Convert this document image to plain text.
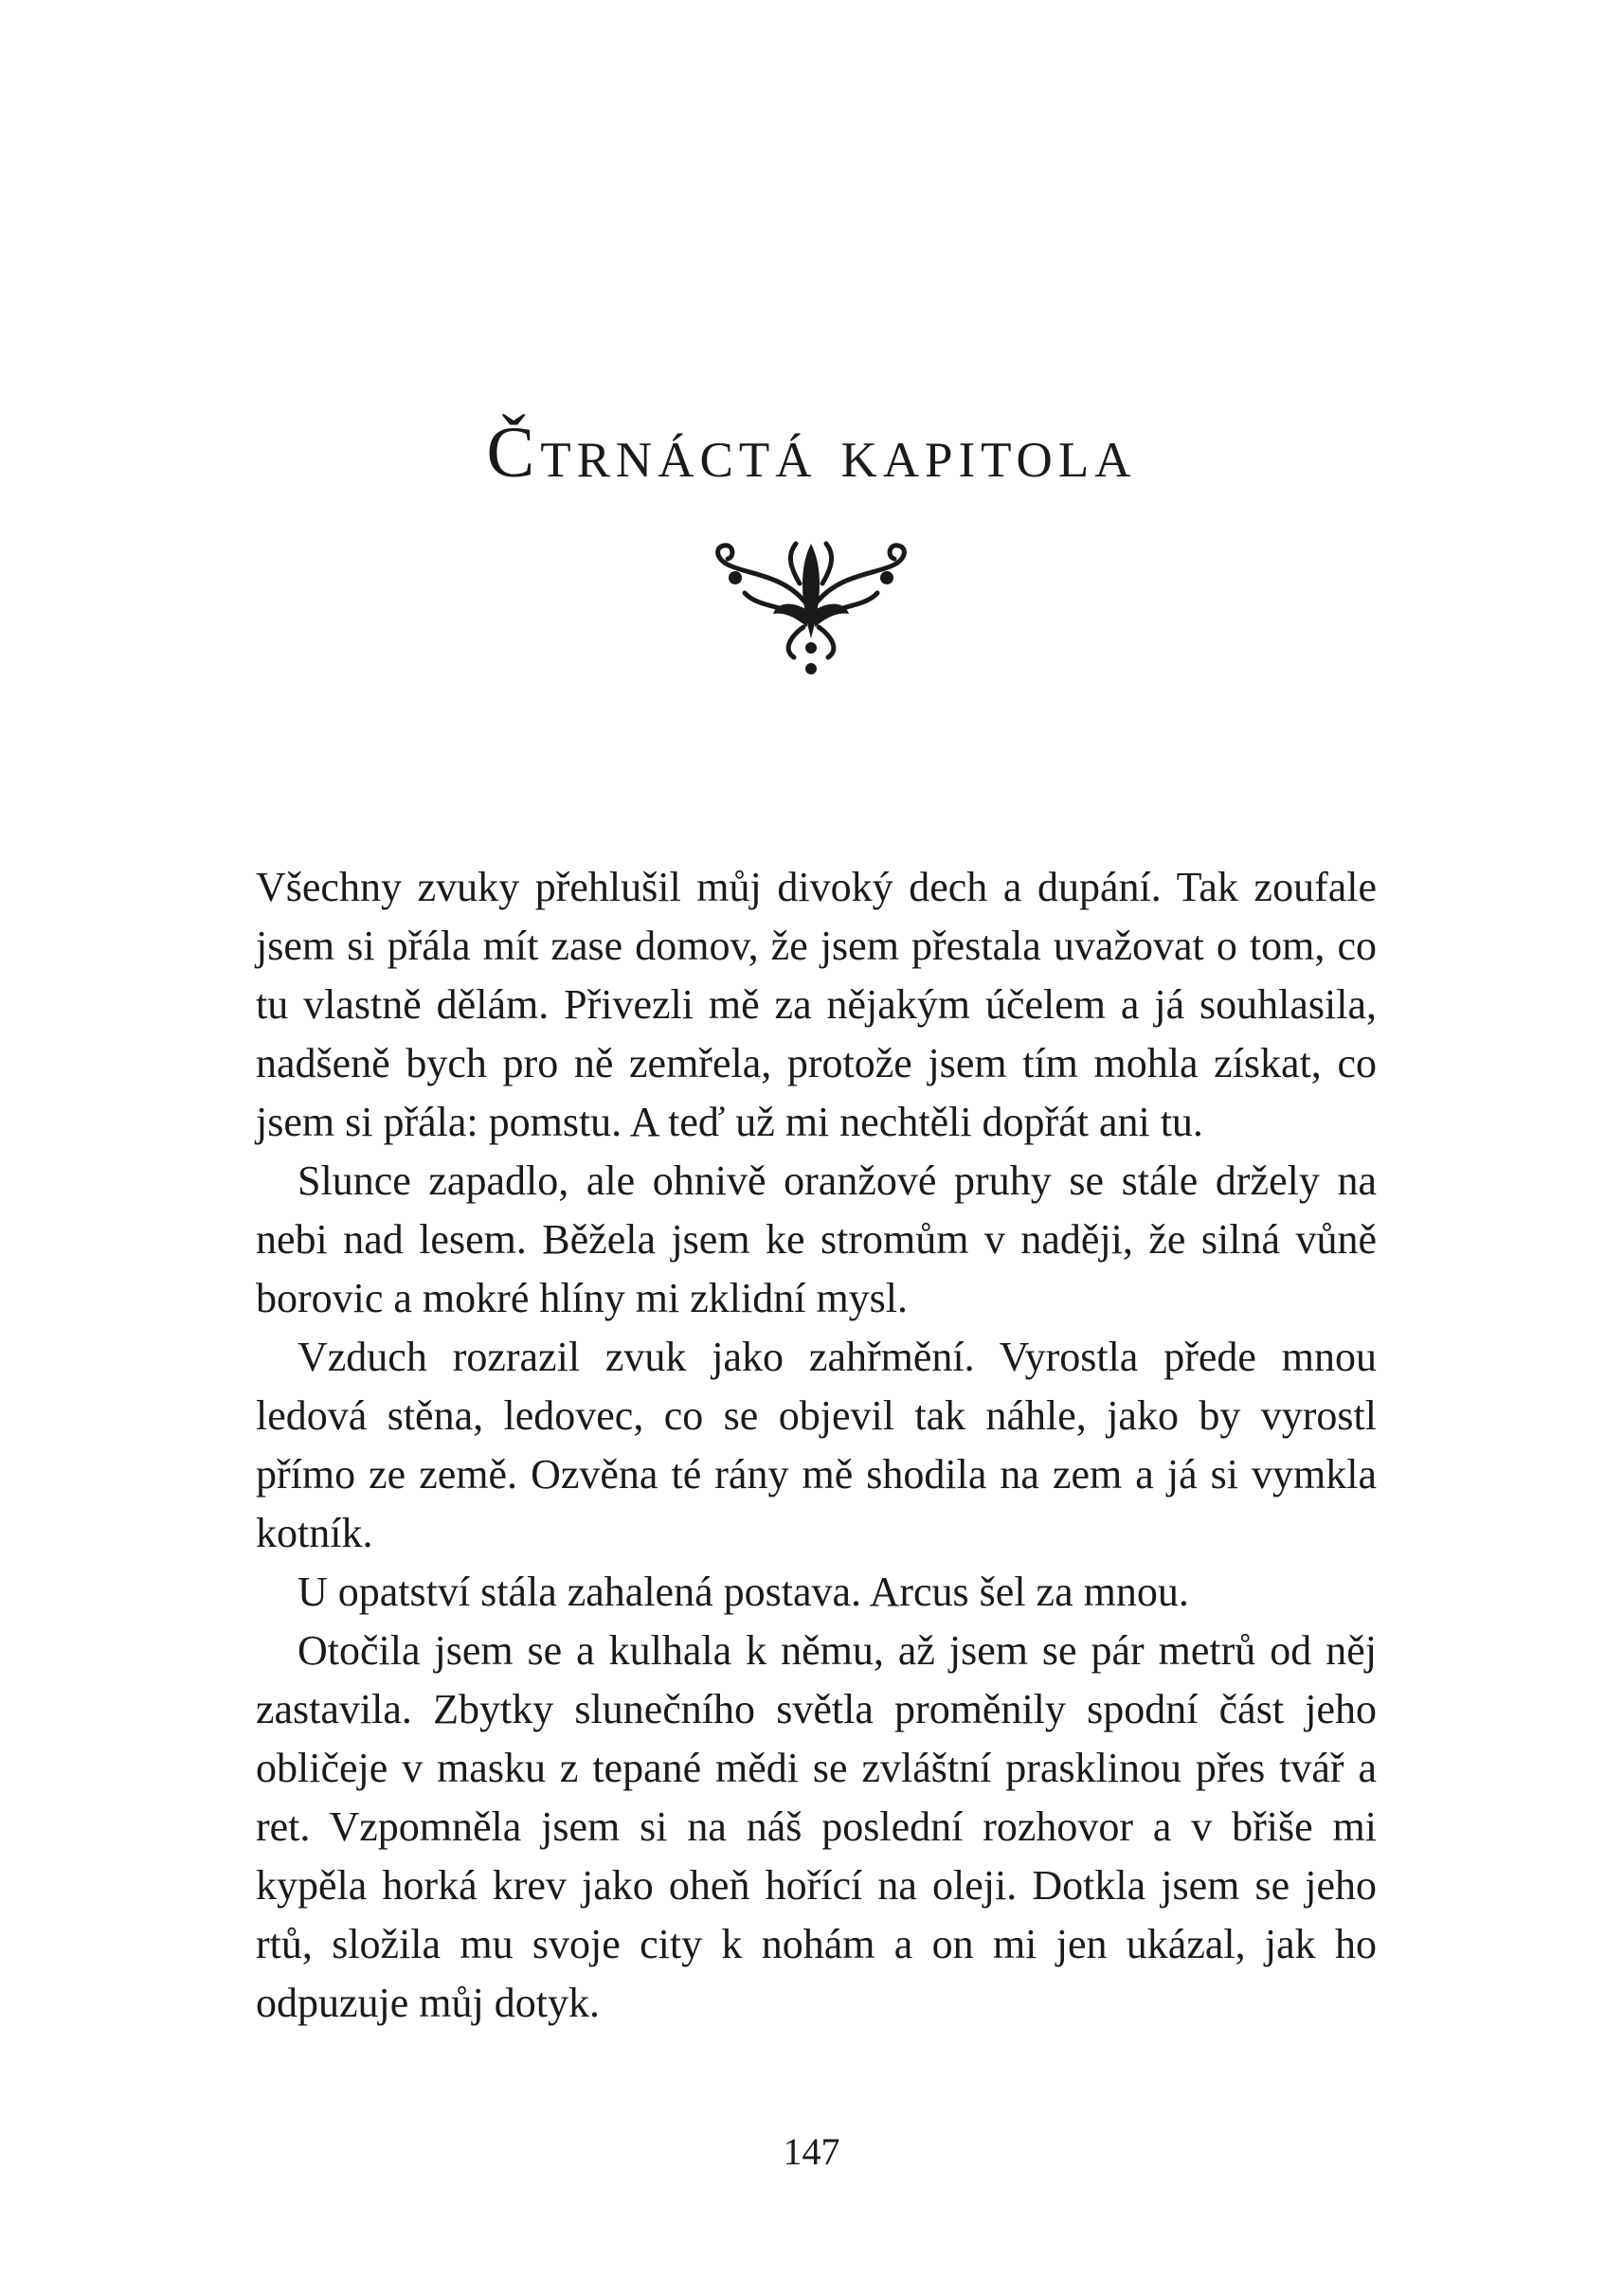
Čtrnáctá kapitola

Všechny zvuky přehlušil můj divoký dech a dupání. Tak zoufale jsem si přála mít zase domov, že jsem přestala uvažovat o tom, co tu vlastně dělám. Přivezli mě za nějakým účelem a já souhlasila, nadšeně bych pro ně zemřela, protože jsem tím mohla získat, co jsem si přála: pomstu. A teď už mi nechtěli dopřát ani tu.

Slunce zapadlo, ale ohnivě oranžové pruhy se stále držely na nebi nad lesem. Běžela jsem ke stromům v naději, že silná vůně borovic a mokré hlíny mi zklidní mysl.

Vzduch rozrazil zvuk jako zahřmění. Vyrostla přede mnou ledová stěna, ledovec, co se objevil tak náhle, jako by vyrostl přímo ze země. Ozvěna té rány mě shodila na zem a já si vymkla kotník.

U opatství stála zahalená postava. Arcus šel za mnou.

Otočila jsem se a kulhala k němu, až jsem se pár metrů od něj zastavila. Zbytky slunečního světla proměnily spodní část jeho obličeje v masku z tepané mědi se zvláštní prasklinou přes tvář a ret. Vzpomněla jsem si na náš poslední rozhovor a v břiše mi kypěla horká krev jako oheň hořící na oleji. Dotkla jsem se jeho rtů, složila mu svoje city k nohám a on mi jen ukázal, jak ho odpuzuje můj dotyk.

147
